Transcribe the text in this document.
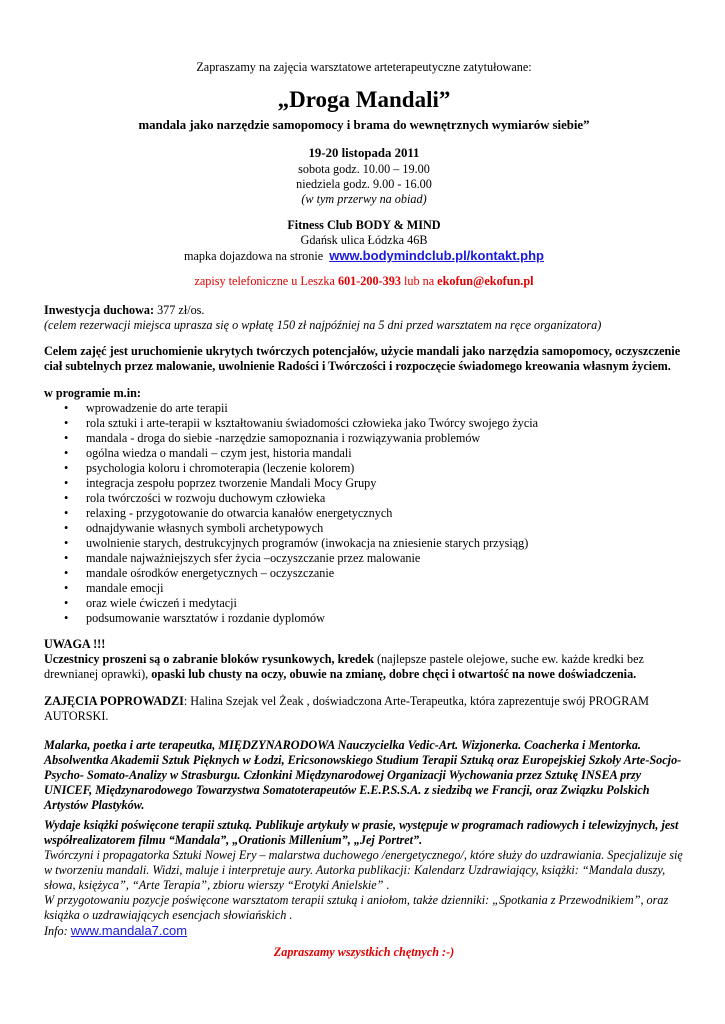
Zapraszamy na zajęcia warsztatowe arteterapeutyczne zatytułowane:
„Droga Mandali”
mandala jako narzędzie samopomocy i brama do wewnętrznych wymiarów siebie”
19-20 listopada 2011
sobota godz. 10.00 – 19.00
niedziela godz. 9.00 - 16.00
(w tym przerwy na obiad)
Fitness Club BODY & MIND
Gdańsk ulica Łódzka 46B
mapka dojazdowa na stronie www.bodymindclub.pl/kontakt.php
zapisy telefoniczne u Leszka 601-200-393 lub na ekofun@ekofun.pl
Inwestycja duchowa: 377 zł/os.
(celem rezerwacji miejsca uprasza się o wpłatę 150 zł najpóźniej na 5 dni przed warsztatem na ręce organizatora)
Celem zajęć jest uruchomienie ukrytych twórczych potencjałów, użycie mandali jako narzędzia samopomocy, oczyszczenie ciał subtelnych przez malowanie, uwolnienie Radości i Twórczości i rozpoczęcie świadomego kreowania własnym życiem.
w programie m.in:
• wprowadzenie do arte terapii
• rola sztuki i arte-terapii w kształtowaniu świadomości człowieka jako Twórcy swojego życia
• mandala - droga do siebie -narzędzie samopoznania i rozwiązywania problemów
• ogólna wiedza o mandali – czym jest, historia mandali
• psychologia koloru i chromoterapia (leczenie kolorem)
• integracja zespołu poprzez tworzenie Mandali Mocy Grupy
• rola twórczości w rozwoju duchowym człowieka
• relaxing - przygotowanie do otwarcia kanałów energetycznych
• odnajdywanie własnych symboli archetypowych
• uwolnienie starych, destrukcyjnych programów (inwokacja na zniesienie starych przysiąg)
• mandale najważniejszych sfer życia –oczyszczanie przez malowanie
• mandale ośrodków energetycznych – oczyszczanie
• mandale emocji
• oraz wiele ćwiczeń i medytacji
• podsumowanie warsztatów i rozdanie dyplomów
UWAGA !!!
Uczestnicy proszeni są o zabranie bloków rysunkowych, kredek (najlepsze pastele olejowe, suche ew. każde kredki bez drewnianej oprawki), opaski lub chusty na oczy, obuwie na zmianę, dobre chęci i otwartość na nowe doświadczenia.
ZAJĘCIA POPROWADZI: Halina Szejak vel Żeak , doświadczona Arte-Terapeutka, która zaprezentuje swój PROGRAM AUTORSKI.
Malarka, poetka i arte terapeutka, MIĘDZYNARODOWA Nauczycielka Vedic-Art. Wizjonerka. Coacherka i Mentorka. Absolwentka Akademii Sztuk Pięknych w Łodzi, Ericsonowskiego Studium Terapii Sztuką oraz Europejskiej Szkoły Arte-Socjo- Psycho- Somato-Analizy w Strasburgu. Członkini Międzynarodowej Organizacji Wychowania przez Sztukę INSEA przy UNICEF, Międzynarodowego Towarzystwa Somatoterapeutów E.E.P.S.S.A. z siedzibą we Francji, oraz Związku Polskich Artystów Plastyków.

Wydaje książki poświęcone terapii sztuką. Publikuje artykuły w prasie, występuje w programach radiowych i telewizyjnych, jest współrealizatorem filmu “Mandala”, „Orationis Millenium”, „Jej Portret”.

Twórczyni i propagatorka Sztuki Nowej Ery – malarstwa duchowego /energetycznego/, które służy do uzdrawiania. Specjalizuje się w tworzeniu mandali. Widzi, maluje i interpretuje aury. Autorka publikacji: Kalendarz Uzdrawiający, książki: “Mandala duszy, słowa, księżyca”, “Arte Terapia”, zbioru wierszy “Erotyki Anielskie” .

W przygotowaniu pozycje poświęcone warsztatom terapii sztuką i aniołom, także dzienniki: „Spotkania z Przewodnikiem”, oraz książka o uzdrawiających esencjach słowiańskich .

Info: www.mandala7.com

Zapraszamy wszystkich chętnych :-)
